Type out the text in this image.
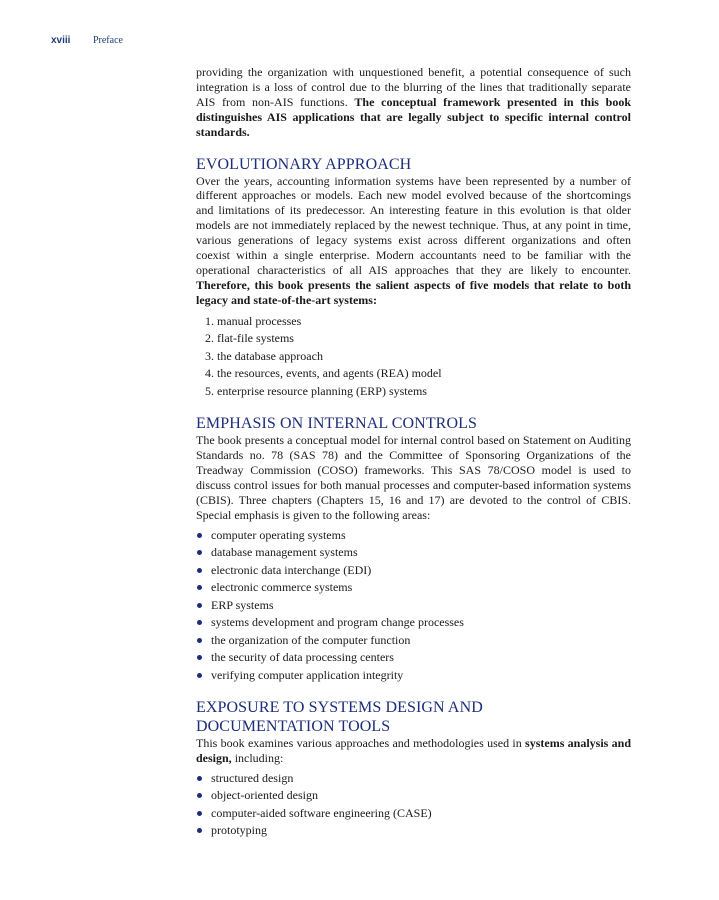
xviii Preface

providing the organization with unquestioned benefit, a potential consequence of such integration is a loss of control due to the blurring of the lines that traditionally separate AIS from non-AIS functions. The conceptual framework presented in this book distinguishes AIS applications that are legally subject to specific internal control standards.

EVOLUTIONARY APPROACH

Over the years, accounting information systems have been represented by a number of different approaches or models. Each new model evolved because of the shortcomings and limitations of its predecessor. An interesting feature in this evolution is that older models are not immediately replaced by the newest technique. Thus, at any point in time, various generations of legacy systems exist across different organizations and often coexist within a single enterprise. Modern accountants need to be familiar with the operational characteristics of all AIS approaches that they are likely to encounter. Therefore, this book presents the salient aspects of five models that relate to both legacy and state-of-the-art systems:

1. manual processes
2. flat-file systems
3. the database approach
4. the resources, events, and agents (REA) model
5. enterprise resource planning (ERP) systems
EMPHASIS ON INTERNAL CONTROLS

The book presents a conceptual model for internal control based on Statement on Auditing Standards no. 78 (SAS 78) and the Committee of Sponsoring Organizations of the Treadway Commission (COSO) frameworks. This SAS 78/COSO model is used to discuss control issues for both manual processes and computer-based information systems (CBIS). Three chapters (Chapters 15, 16 and 17) are devoted to the control of CBIS. Special emphasis is given to the following areas:

computer operating systems
database management systems
electronic data interchange (EDI)
electronic commerce systems
ERP systems
systems development and program change processes
the organization of the computer function
the security of data processing centers
verifying computer application integrity
EXPOSURE TO SYSTEMS DESIGN AND
DOCUMENTATION TOOLS

This book examines various approaches and methodologies used in systems analysis and design, including:

structured design
object-oriented design
computer-aided software engineering (CASE)
prototyping
